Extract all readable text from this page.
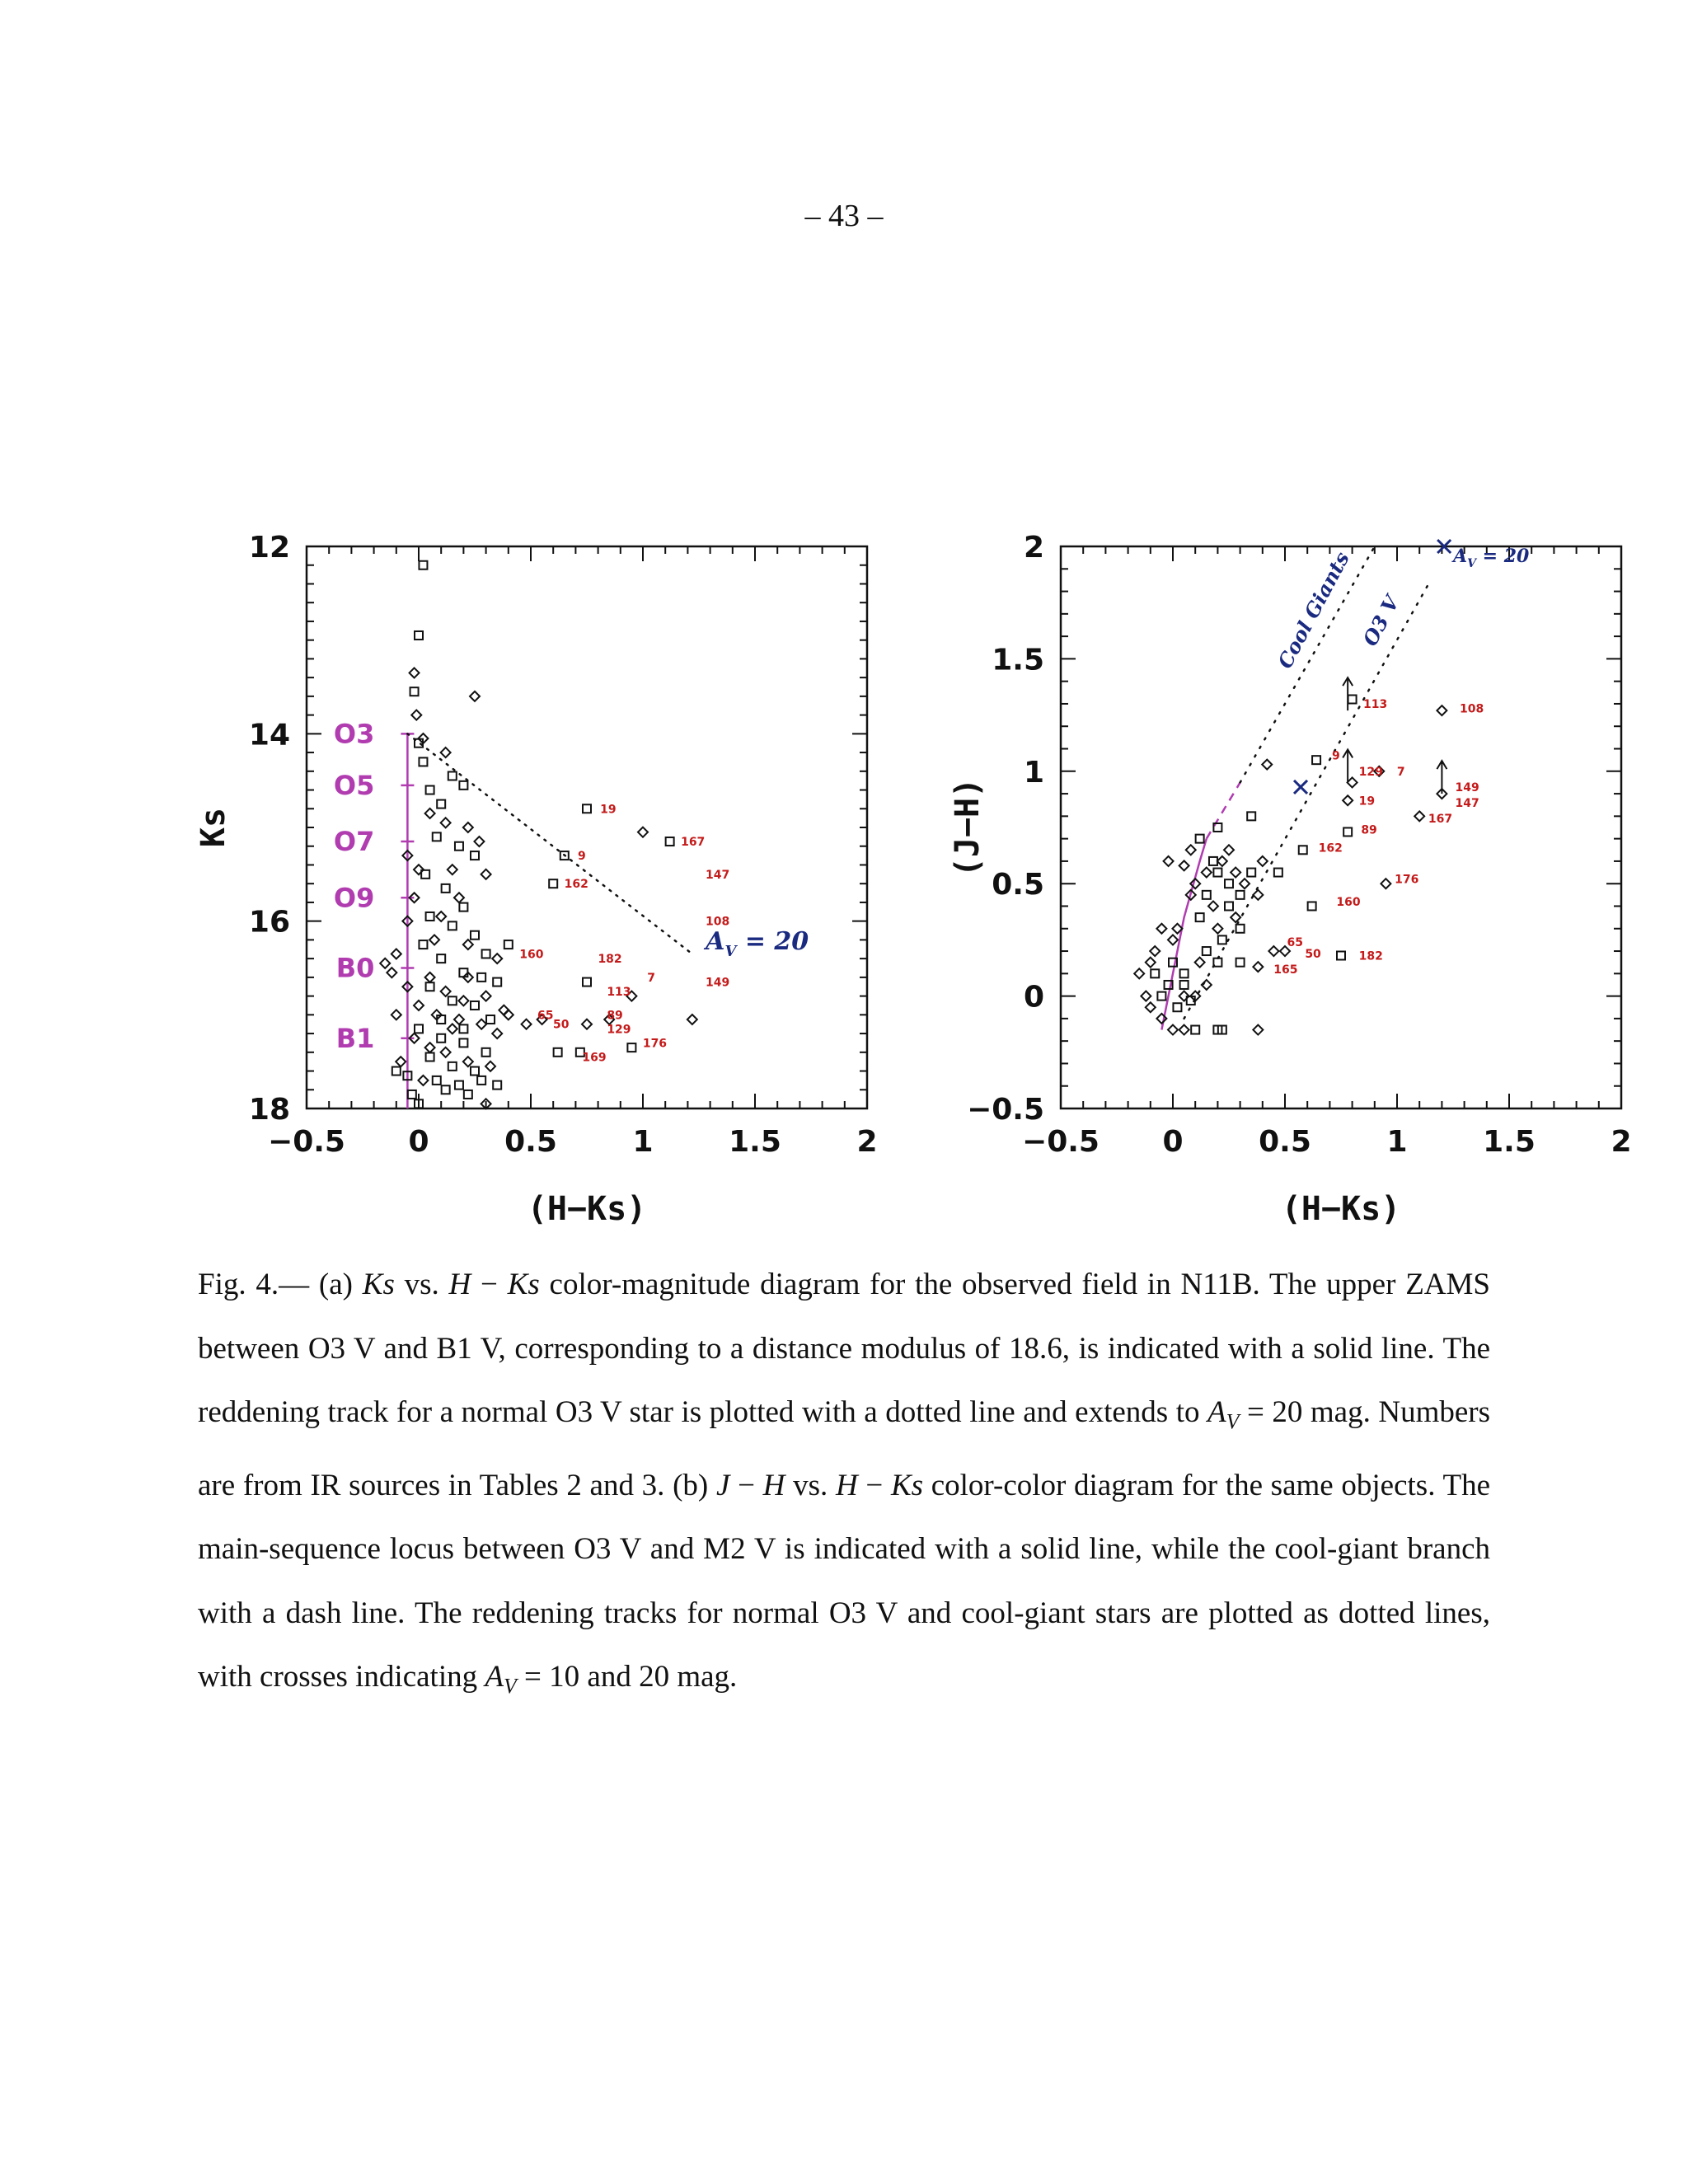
– 43 –
−0.5 0	0.5	1	1.5	2
12
14
16
18
(H−Ks)
Ks
O3
O5
O7
O9
B0
B1
$A_V = 20$
19
167
9
162
147
108
160	182
7
113
149
65
50
89
129
176
169
−0.5 0	0.5	1	1.5	2
−0.5
0
0.5
1
1.5
2
(H−Ks)
(J−H)
Cool Giants O3 V
$A_V = 20$
113	108
9
129 7
19
149
147
167
89
162
176
160
65
50	182
165
Fig. 4.— (a) Ks vs. H − Ks color-magnitude diagram for the observed field in N11B. The upper ZAMS between O3 V and B1 V, corresponding to a distance modulus of 18.6, is indicated with a solid line. The reddening track for a normal O3 V star is plotted with a dotted line and extends to $A_V = 20$ mag. Numbers are from IR sources in Tables 2 and 3. (b) J − H vs. H − Ks color-color diagram for the same objects. The main-sequence locus between O3 V and M2 V is indicated with a solid line, while the cool-giant branch with a dash line. The reddening tracks for normal O3 V and cool-giant stars are plotted as dotted lines, with crosses indicating $A_V = 10$ and 20 mag.
